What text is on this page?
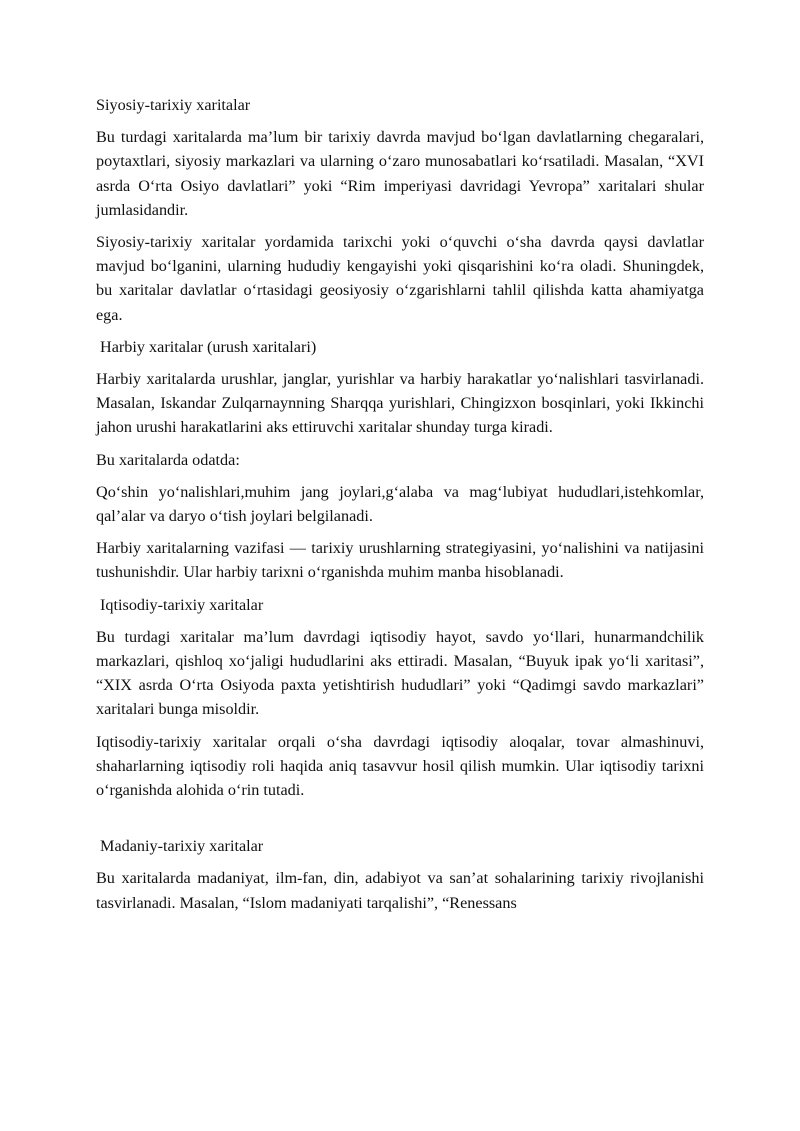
Siyosiy-tarixiy xaritalar

Bu turdagi xaritalarda ma’lum bir tarixiy davrda mavjud bo‘lgan davlatlarning chegaralari, poytaxtlari, siyosiy markazlari va ularning o‘zaro munosabatlari ko‘rsatiladi. Masalan, “XVI asrda O‘rta Osiyo davlatlari” yoki “Rim imperiyasi davridagi Yevropa” xaritalari shular jumlasidandir.

Siyosiy-tarixiy xaritalar yordamida tarixchi yoki o‘quvchi o‘sha davrda qaysi davlatlar mavjud bo‘lganini, ularning hududiy kengayishi yoki qisqarishini ko‘ra oladi. Shuningdek, bu xaritalar davlatlar o‘rtasidagi geosiyosiy o‘zgarishlarni tahlil qilishda katta ahamiyatga ega.

Harbiy xaritalar (urush xaritalari)

Harbiy xaritalarda urushlar, janglar, yurishlar va harbiy harakatlar yo‘nalishlari tasvirlanadi. Masalan, Iskandar Zulqarnaynning Sharqqa yurishlari, Chingizxon bosqinlari, yoki Ikkinchi jahon urushi harakatlarini aks ettiruvchi xaritalar shunday turga kiradi.

Bu xaritalarda odatda:

Qo‘shin yo‘nalishlari,muhim jang joylari,g‘alaba va mag‘lubiyat hududlari,istehkomlar, qal’alar va daryo o‘tish joylari belgilanadi.

Harbiy xaritalarning vazifasi — tarixiy urushlarning strategiyasini, yo‘nalishini va natijasini tushunishdir. Ular harbiy tarixni o‘rganishda muhim manba hisoblanadi.

Iqtisodiy-tarixiy xaritalar

Bu turdagi xaritalar ma’lum davrdagi iqtisodiy hayot, savdo yo‘llari, hunarmandchilik markazlari, qishloq xo‘jaligi hududlarini aks ettiradi. Masalan, “Buyuk ipak yo‘li xaritasi”, “XIX asrda O‘rta Osiyoda paxta yetishtirish hududlari” yoki “Qadimgi savdo markazlari” xaritalari bunga misoldir.

Iqtisodiy-tarixiy xaritalar orqali o‘sha davrdagi iqtisodiy aloqalar, tovar almashinuvi, shaharlarning iqtisodiy roli haqida aniq tasavvur hosil qilish mumkin. Ular iqtisodiy tarixni o‘rganishda alohida o‘rin tutadi.

Madaniy-tarixiy xaritalar

Bu xaritalarda madaniyat, ilm-fan, din, adabiyot va san’at sohalarining tarixiy rivojlanishi tasvirlanadi. Masalan, “Islom madaniyati tarqalishi”, “Renessans
